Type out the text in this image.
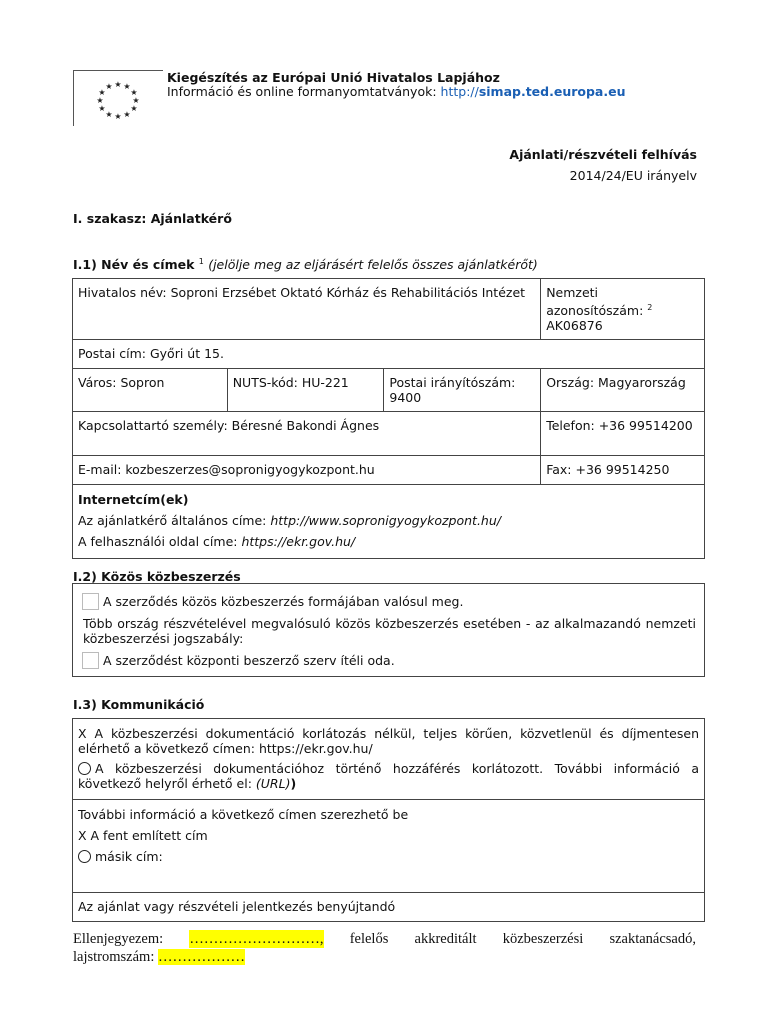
★ ★
★
★
★
★
★
★
★
★
★
★
Kiegészítés az Európai Unió Hivatalos Lapjához
Információ és online formanyomtatványok: http://simap.ted.europa.eu
Ajánlati/részvételi felhívás
2014/24/EU irányelv
I. szakasz: Ajánlatkérő
I.1) Név és címek $^1$ (jelölje meg az eljárásért felelős összes ajánlatkérőt)
Hivatalos név: Soproni Erzsébet Oktató Kórház és Rehabilitációs Intézet			Nemzeti azonosítószám: $^2$
AK06876
Postai cím: Győri út 15.			
Város: Sopron	NUTS-kód: HU-221	Postai irányítószám: 9400	Ország: Magyarország
Kapcsolattartó személy: Béresné Bakondi Ágnes			Telefon: +36 99514200
E-mail: kozbeszerzes@sopronigyogykozpont.hu			Fax: +36 99514250
Internetcím(ek)
Az ajánlatkérő általános címe: http://www.sopronigyogykozpont.hu/
A felhasználói oldal címe: https://ekr.gov.hu/			
I.2) Közös közbeszerzés
A szerződés közös közbeszerzés formájában valósul meg.
Több ország részvételével megvalósuló közös közbeszerzés esetében - az alkalmazandó nemzeti közbeszerzési jogszabály:
A szerződést központi beszerző szerv ítéli oda.
I.3) Kommunikáció
X A közbeszerzési dokumentáció korlátozás nélkül, teljes körűen, közvetlenül és díjmentesen elérhető a következő címen: https://ekr.gov.hu/
A közbeszerzési dokumentációhoz történő hozzáférés korlátozott. További információ a következő helyről érhető el: (URL))

További információ a következő címen szerezhető be
X A fent említett cím
másik cím:

Az ajánlat vagy részvételi jelentkezés benyújtandó
Ellenjegyezem: ………………………, felelős akkreditált közbeszerzési szaktanácsadó,
lajstromszám: ………………
